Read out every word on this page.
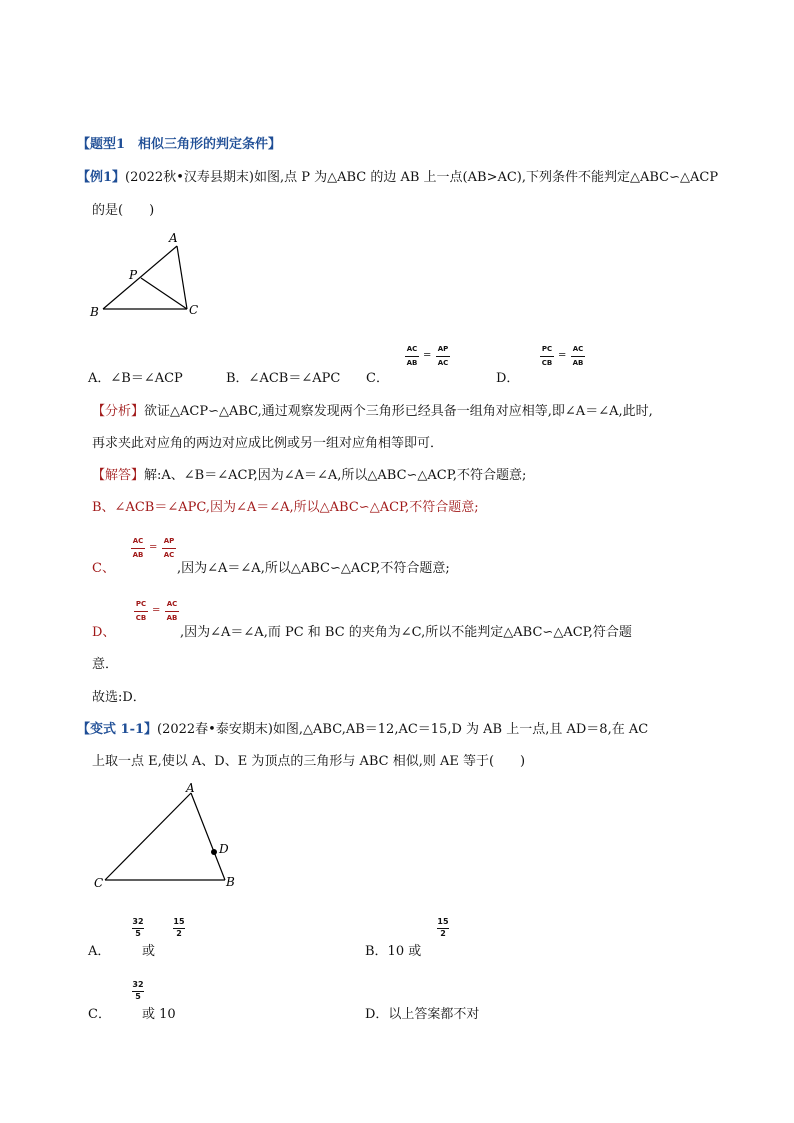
【题型1　相似三角形的判定条件】
【例1】(2022秋•汉寿县期末)如图,点 P 为△ABC 的边 AB 上一点(AB>AC),下列条件不能判定△ABC∽△ACP
的是(　　)
A
P
B	C
A．∠B＝∠ACP	B．∠ACB＝∠APC C．	D．
AC
AB
=
AP
AC
PC
CB
=
AC
AB
【分析】欲证△ACP∽△ABC,通过观察发现两个三角形已经具备一组角对应相等,即∠A＝∠A,此时,
再求夹此对应角的两边对应成比例或另一组对应角相等即可．
【解答】解:A、∠B＝∠ACP,因为∠A＝∠A,所以△ABC∽△ACP,不符合题意;
B、∠ACB＝∠APC,因为∠A＝∠A,所以△ABC∽△ACP,不符合题意;
C、
AC
AB
=
AP
AC
,因为∠A＝∠A,所以△ABC∽△ACP,不符合题意;
D、
PC
CB
=
AC
AB
,因为∠A＝∠A,而 PC 和 BC 的夹角为∠C,所以不能判定△ABC∽△ACP,符合题
意．
故选:D．
【变式 1-1】(2022春•泰安期末)如图,△ABC,AB＝12,AC＝15,D 为 AB 上一点,且 AD＝8,在 AC
上取一点 E,使以 A、D、E 为顶点的三角形与 ABC 相似,则 AE 等于(　　)
A
D
C	B
A．
32
5
或
15
2
B．10 或
15
2
C．
32
5
或 10	D．以上答案都不对
